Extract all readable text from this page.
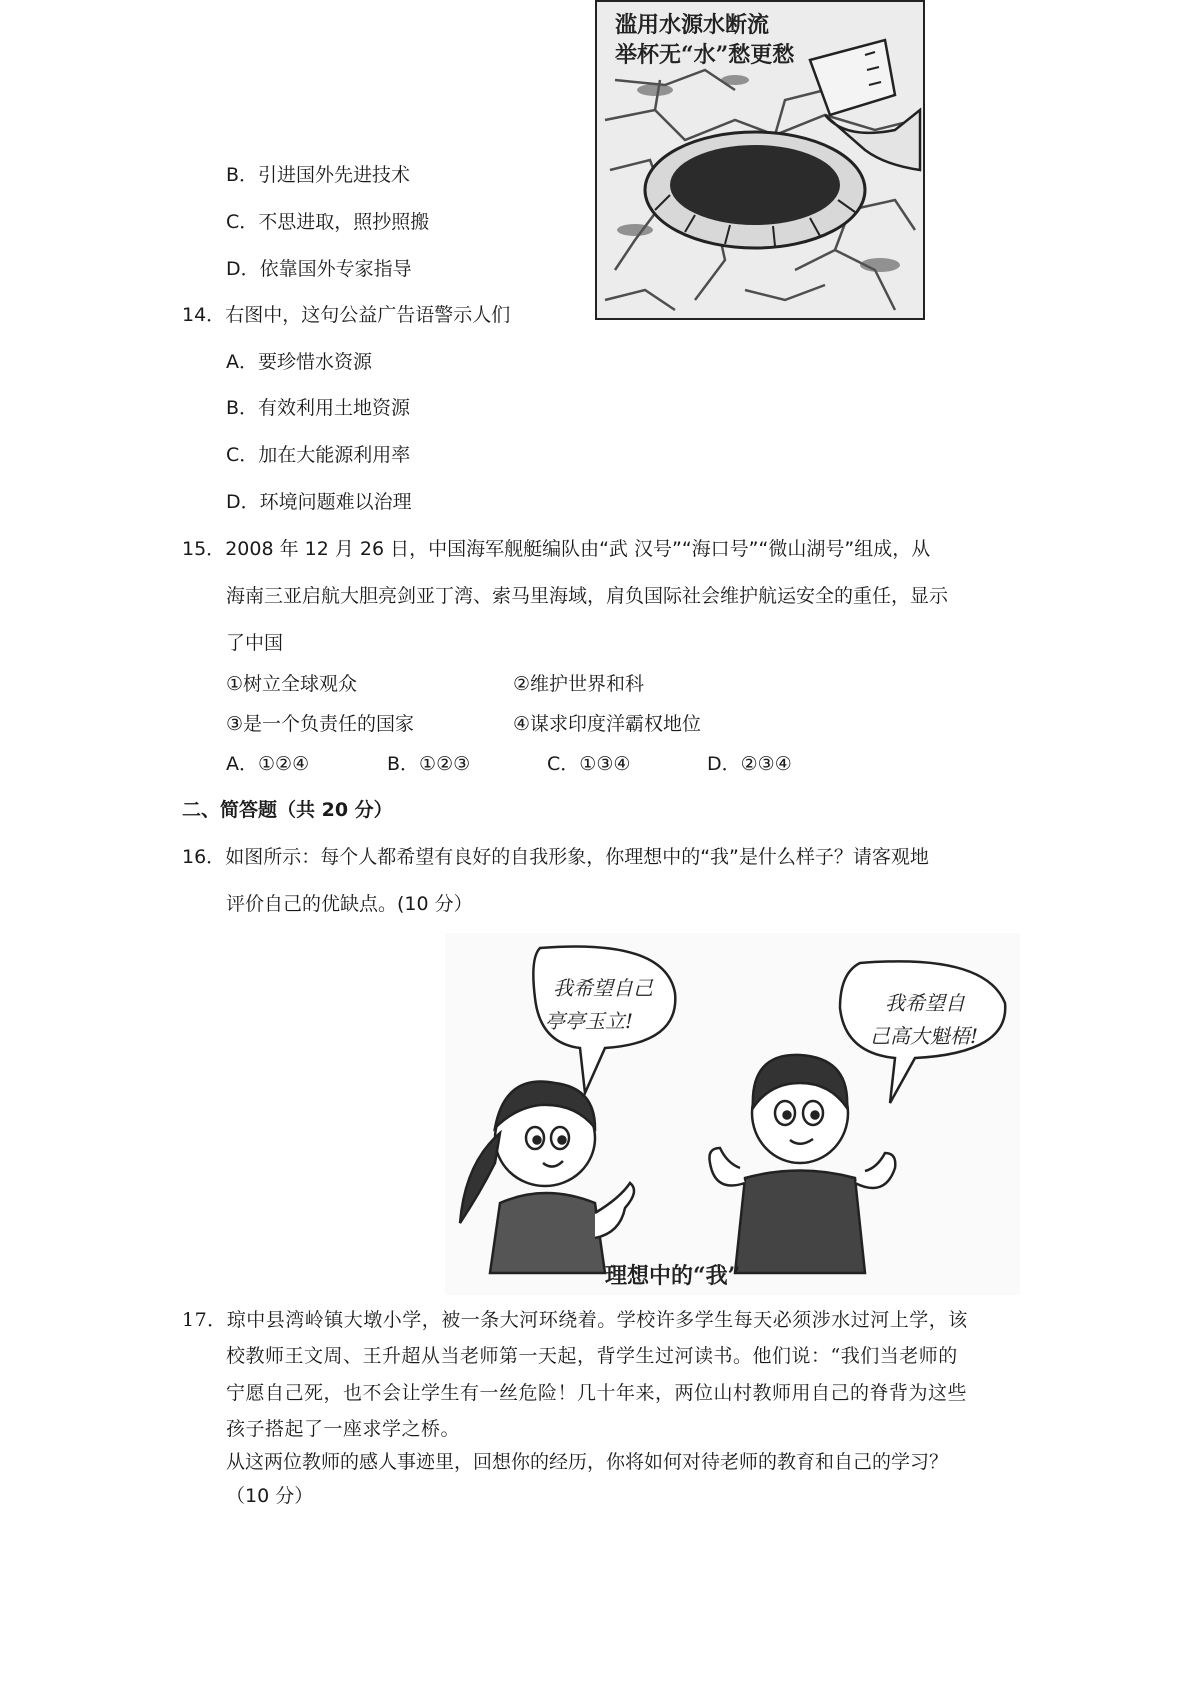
滥用水源水断流
举杯无“水”愁更愁
B．引进国外先进技术
C．不思进取，照抄照搬
D．依靠国外专家指导
14．右图中，这句公益广告语警示人们
A．要珍惜水资源
B．有效利用土地资源
C．加在大能源利用率
D．环境问题难以治理
15．2008 年 12 月 26 日，中国海军舰艇编队由“武 汉号”“海口号”“微山湖号”组成，从
海南三亚启航大胆亮剑亚丁湾、索马里海域，肩负国际社会维护航运安全的重任，显示
了中国
①树立全球观众	②维护世界和科
③是一个负责任的国家	④谋求印度洋霸权地位
A．①②④	B．①②③	C．①③④	D．②③④
二、简答题（共 20 分）
16．如图所示：每个人都希望有良好的自我形象，你理想中的“我”是什么样子？请客观地
评价自己的优缺点。(10 分）
我希望自己
亭亭玉立!
我希望自
己高大魁梧!
理想中的“我”
17．琼中县湾岭镇大墩小学，被一条大河环绕着。学校许多学生每天必须涉水过河上学，该
校教师王文周、王升超从当老师第一天起，背学生过河读书。他们说：“我们当老师的
宁愿自己死，也不会让学生有一丝危险！几十年来，两位山村教师用自己的脊背为这些
孩子搭起了一座求学之桥。
从这两位教师的感人事迹里，回想你的经历，你将如何对待老师的教育和自己的学习？
（10 分）
